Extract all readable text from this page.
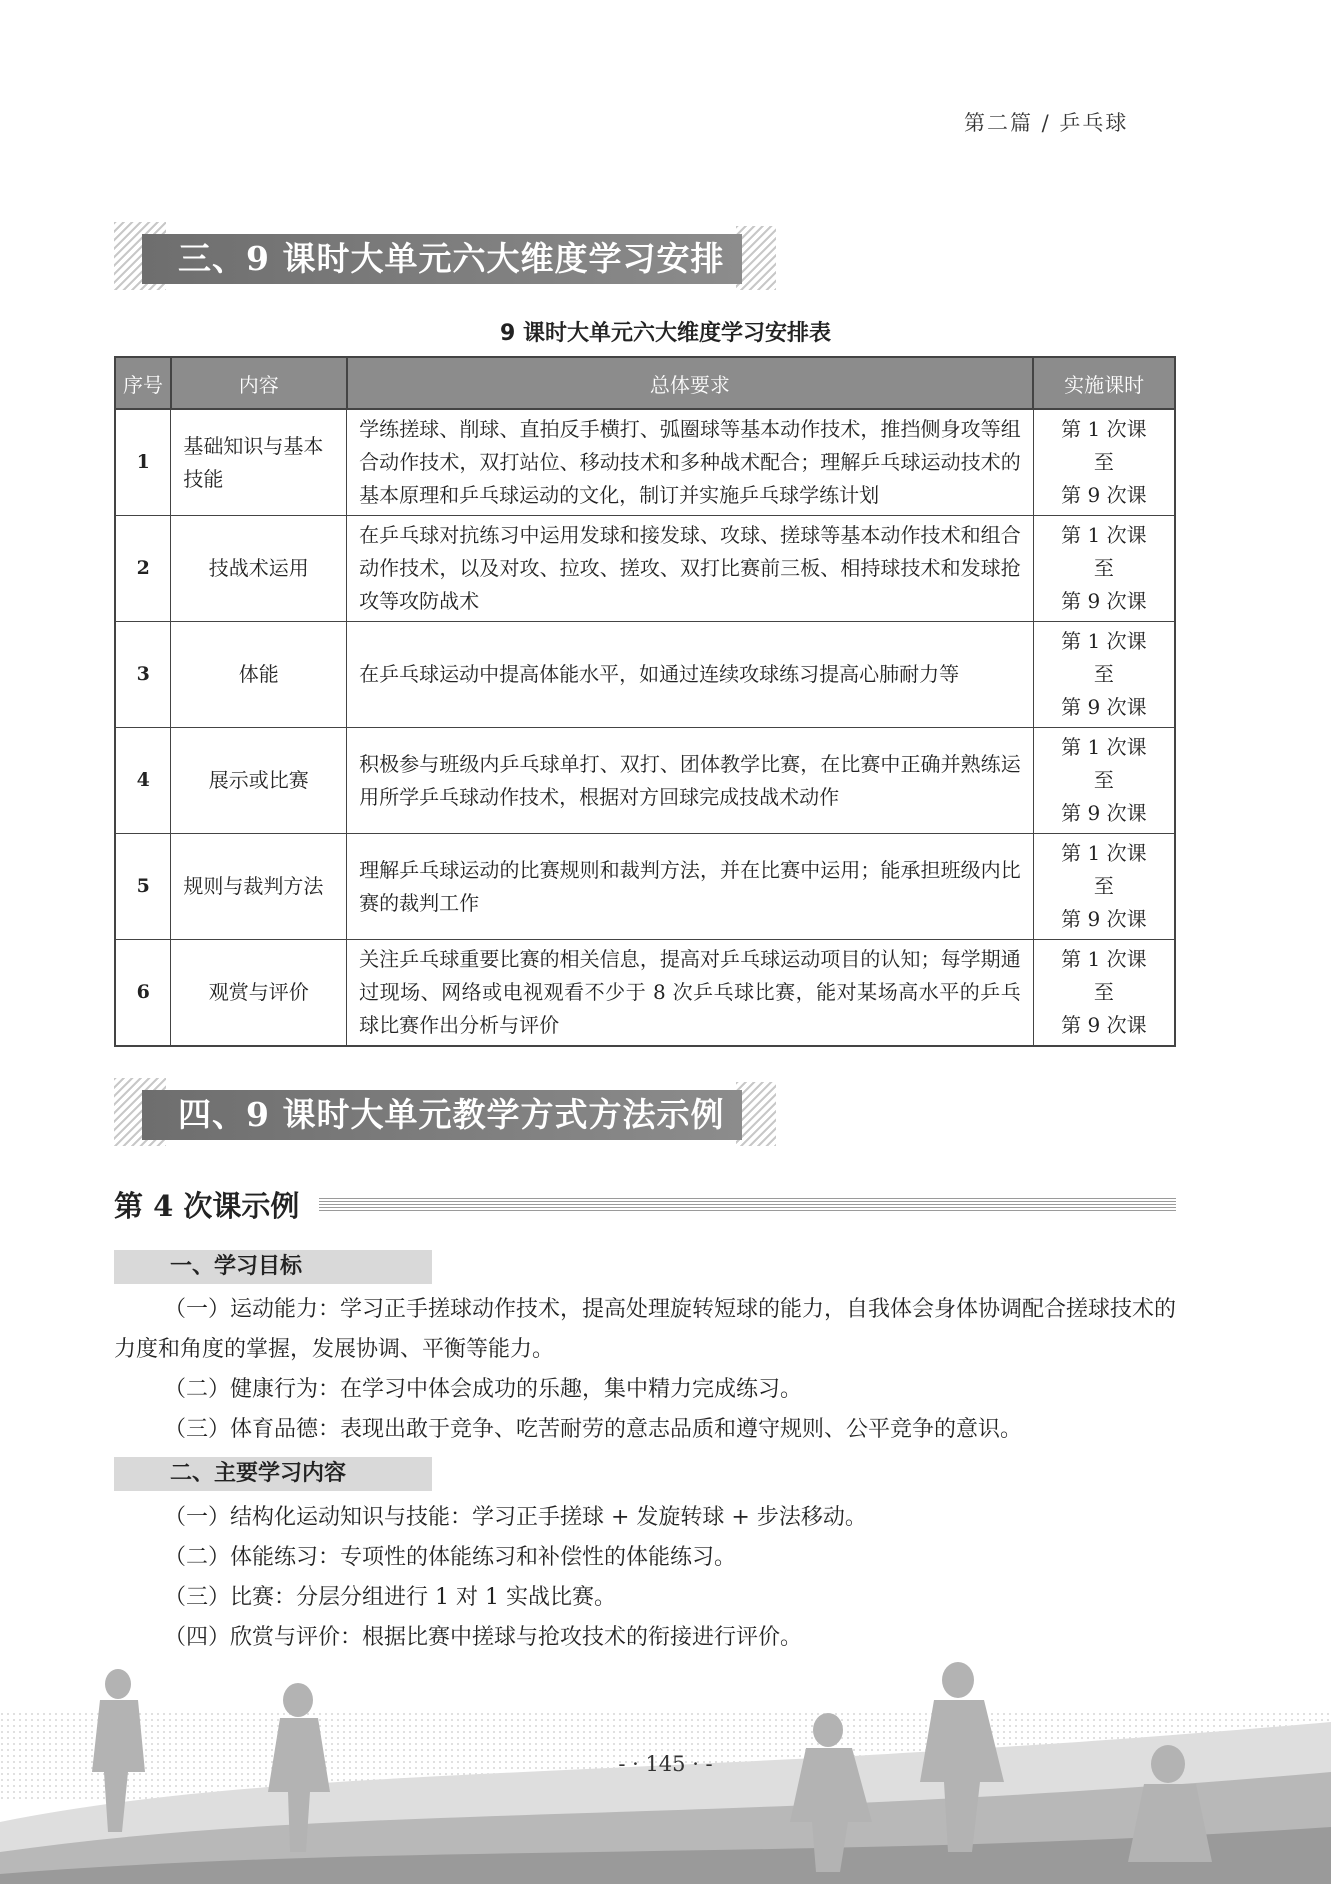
第二篇 / 乒乓球
三、9 课时大单元六大维度学习安排
9 课时大单元六大维度学习安排表
序号	内容	总体要求	实施课时
1	基础知识与基本技能	学练搓球、削球、直拍反手横打、弧圈球等基本动作技术，推挡侧身攻等组合动作技术，双打站位、移动技术和多种战术配合；理解乒乓球运动技术的基本原理和乒乓球运动的文化，制订并实施乒乓球学练计划	第 1 次课
至
第 9 次课

2	技战术运用	在乒乓球对抗练习中运用发球和接发球、攻球、搓球等基本动作技术和组合动作技术，以及对攻、拉攻、搓攻、双打比赛前三板、相持球技术和发球抢攻等攻防战术	第 1 次课
至
第 9 次课

3	体能	在乒乓球运动中提高体能水平，如通过连续攻球练习提高心肺耐力等	第 1 次课
至
第 9 次课

4	展示或比赛	积极参与班级内乒乓球单打、双打、团体教学比赛，在比赛中正确并熟练运用所学乒乓球动作技术，根据对方回球完成技战术动作	第 1 次课
至
第 9 次课

5	规则与裁判方法	理解乒乓球运动的比赛规则和裁判方法，并在比赛中运用；能承担班级内比赛的裁判工作	第 1 次课
至
第 9 次课

6	观赏与评价	关注乒乓球重要比赛的相关信息，提高对乒乓球运动项目的认知；每学期通过现场、网络或电视观看不少于 8 次乒乓球比赛，能对某场高水平的乒乓球比赛作出分析与评价	第 1 次课
至
第 9 次课
四、9 课时大单元教学方式方法示例
第 4 次课示例
一、学习目标
（一）运动能力：学习正手搓球动作技术，提高处理旋转短球的能力，自我体会身体协调配合搓球技术的力度和角度的掌握，发展协调、平衡等能力。
（二）健康行为：在学习中体会成功的乐趣，集中精力完成练习。
（三）体育品德：表现出敢于竞争、吃苦耐劳的意志品质和遵守规则、公平竞争的意识。
二、主要学习内容
（一）结构化运动知识与技能：学习正手搓球 + 发旋转球 + 步法移动。
（二）体能练习：专项性的体能练习和补偿性的体能练习。
（三）比赛：分层分组进行 1 对 1 实战比赛。
（四）欣赏与评价：根据比赛中搓球与抢攻技术的衔接进行评价。
- · 145 · -
